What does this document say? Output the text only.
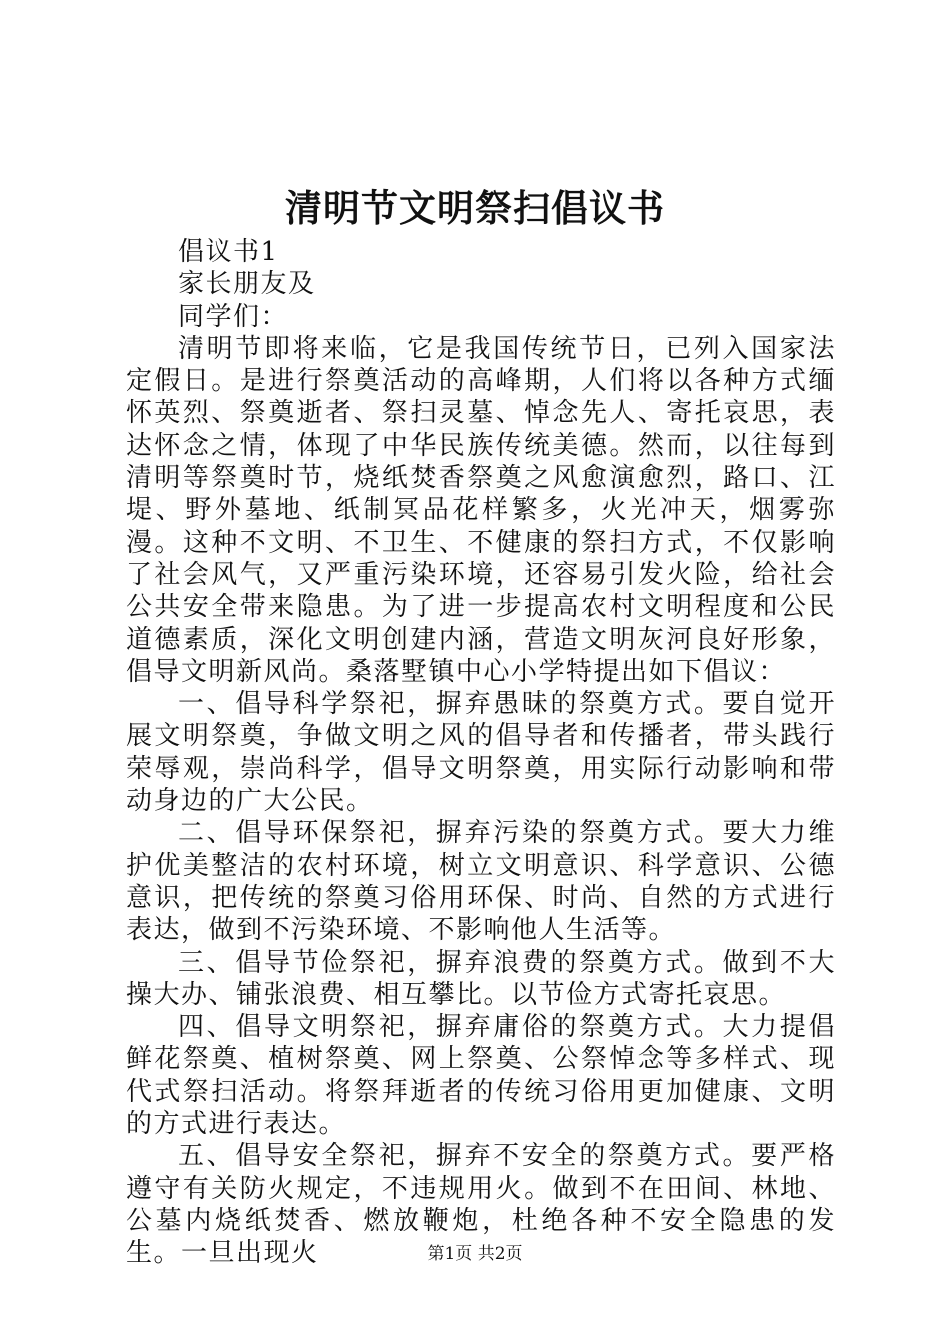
清明节文明祭扫倡议书

倡议书1

家长朋友及

同学们：

清明节即将来临，它是我国传统节日，已列入国家法定假日。是进行祭奠活动的高峰期，人们将以各种方式缅怀英烈、祭奠逝者、祭扫灵墓、悼念先人、寄托哀思，表达怀念之情，体现了中华民族传统美德。然而，以往每到清明等祭奠时节，烧纸焚香祭奠之风愈演愈烈，路口、江堤、野外墓地、纸制冥品花样繁多，火光冲天，烟雾弥漫。这种不文明、不卫生、不健康的祭扫方式，不仅影响了社会风气，又严重污染环境，还容易引发火险，给社会公共安全带来隐患。为了进一步提高农村文明程度和公民道德素质，深化文明创建内涵，营造文明灰河良好形象，倡导文明新风尚。桑落墅镇中心小学特提出如下倡议：

一、倡导科学祭祀，摒弃愚昧的祭奠方式。要自觉开展文明祭奠，争做文明之风的倡导者和传播者，带头践行荣辱观，崇尚科学，倡导文明祭奠，用实际行动影响和带动身边的广大公民。

二、倡导环保祭祀，摒弃污染的祭奠方式。要大力维护优美整洁的农村环境，树立文明意识、科学意识、公德意识，把传统的祭奠习俗用环保、时尚、自然的方式进行表达，做到不污染环境、不影响他人生活等。

三、倡导节俭祭祀，摒弃浪费的祭奠方式。做到不大操大办、铺张浪费、相互攀比。以节俭方式寄托哀思。

四、倡导文明祭祀，摒弃庸俗的祭奠方式。大力提倡鲜花祭奠、植树祭奠、网上祭奠、公祭悼念等多样式、现代式祭扫活动。将祭拜逝者的传统习俗用更加健康、文明的方式进行表达。

五、倡导安全祭祀，摒弃不安全的祭奠方式。要严格遵守有关防火规定，不违规用火。做到不在田间、林地、公墓内烧纸焚香、燃放鞭炮，杜绝各种不安全隐患的发生。一旦出现火	第1页 共2页
